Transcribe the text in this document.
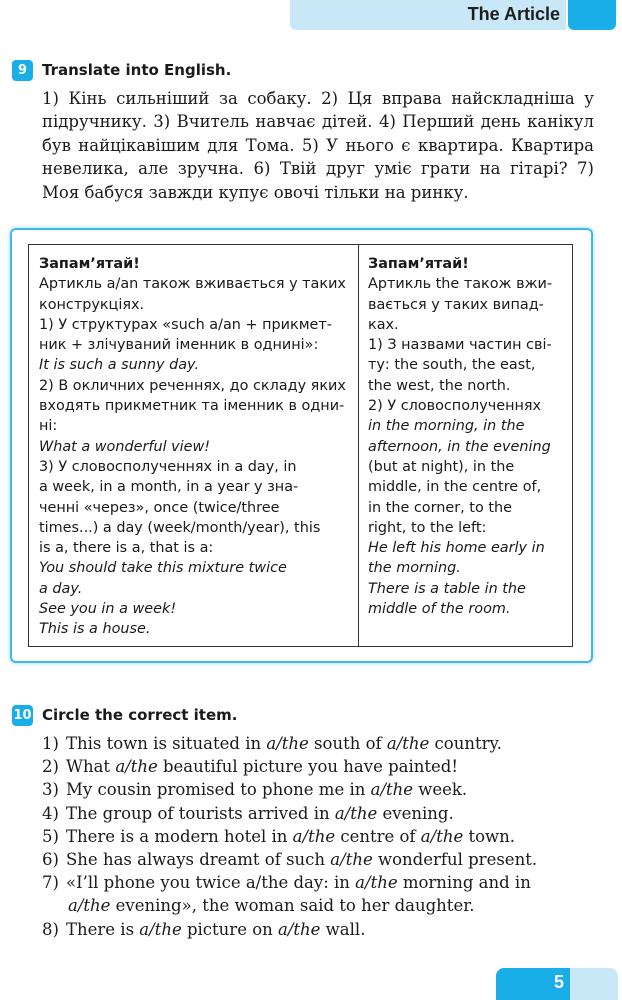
The Article
9 Translate into English.

1) Кінь сильніший за собаку. 2) Ця вправа найскладніша у підручнику. 3) Вчитель навчає дітей. 4) Перший день канікул був найцікавішим для Тома. 5) У нього є квартира. Квартира невелика, але зручна. 6) Твій друг уміє грати на гітарі? 7) Моя бабуся завжди купує овочі тільки на ринку.

Запам’ятай!
Артикль a/an також вживається у таких
конструкціях.
1) У структурах «such a/an + прикмет-
ник + злічуваний іменник в однині»:
It is such a sunny day.
2) В окличних реченнях, до складу яких
входять прикметник та іменник в одни-
ні:
What a wonderful view!
3) У словосполученнях in a day, in
a week, in a month, in a year у зна-
ченні «через», once (twice/three
times...) a day (week/month/year), this
is a, there is a, that is a:
You should take this mixture twice
a day.
See you in a week!
This is a house.
Запам’ятай!
Артикль the також вжи-
вається у таких випад-
ках.
1) З назвами частин сві-
ту: the south, the east,
the west, the north.
2) У словосполученнях
in the morning, in the
afternoon, in the evening
(but at night), in the
middle, in the centre of,
in the corner, to the
right, to the left:
He left his home early in
the morning.
There is a table in the
middle of the room.
10 Circle the correct item.
1) This town is situated in a/the south of a/the country.
2) What a/the beautiful picture you have painted!
3) My cousin promised to phone me in a/the week.
4) The group of tourists arrived in a/the evening.
5) There is a modern hotel in a/the centre of a/the town.
6) She has always dreamt of such a/the wonderful present.
7) «I’ll phone you twice a/the day: in a/the morning and in
a/the evening», the woman said to her daughter.
8) There is a/the picture on a/the wall.
5
